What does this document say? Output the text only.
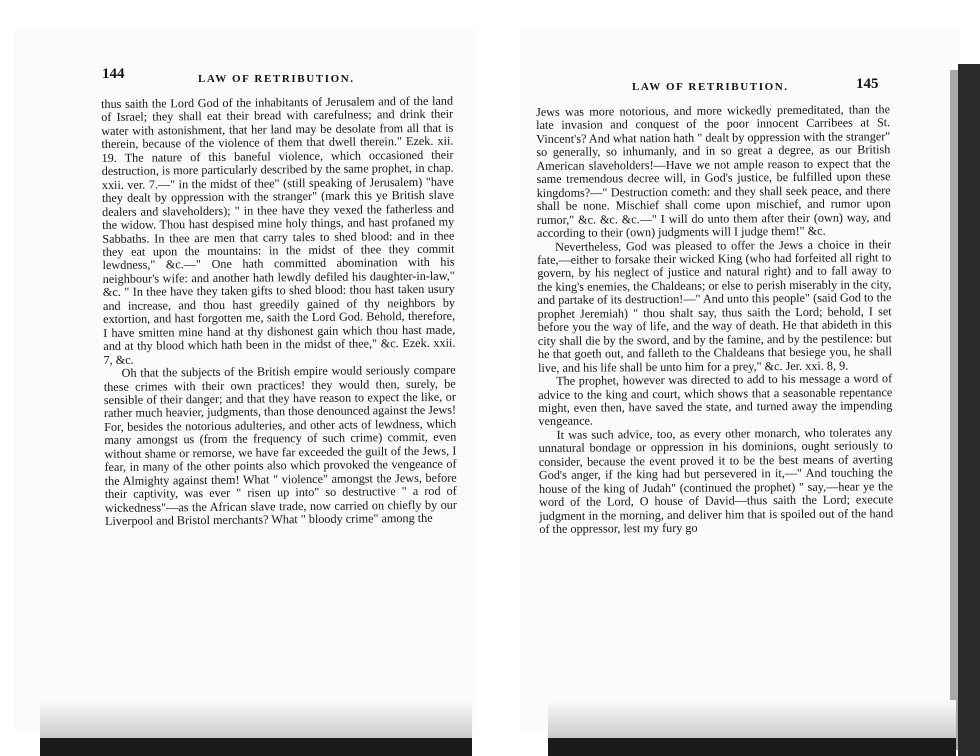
144	LAW OF RETRIBUTION.
LAW OF RETRIBUTION.	145

thus saith the Lord God of the inhabitants of Jerusalem and of the land of Israel; they shall eat their bread with carefulness; and drink their water with astonishment, that her land may be desolate from all that is therein, because of the violence of them that dwell therein." Ezek. xii. 19. The nature of this baneful violence, which occasioned their destruction, is more particularly described by the same prophet, in chap. xxii. ver. 7.—" in the midst of thee" (still speaking of Jerusalem) "have they dealt by oppression with the stranger" (mark this ye British slave dealers and slaveholders); " in thee have they vexed the fatherless and the widow. Thou hast despised mine holy things, and hast profaned my Sabbaths. In thee are men that carry tales to shed blood: and in thee they eat upon the mountains: in the midst of thee they commit lewdness," &c.—" One hath committed abomination with his neighbour's wife: and another hath lewdly defiled his daughter-in-law," &c. " In thee have they taken gifts to shed blood: thou hast taken usury and increase, and thou hast greedily gained of thy neighbors by extortion, and hast forgotten me, saith the Lord God. Behold, therefore, I have smitten mine hand at thy dishonest gain which thou hast made, and at thy blood which hath been in the midst of thee," &c. Ezek. xxii. 7, &c.

Oh that the subjects of the British empire would seriously compare these crimes with their own practices! they would then, surely, be sensible of their danger; and that they have reason to expect the like, or rather much heavier, judgments, than those denounced against the Jews! For, besides the notorious adulteries, and other acts of lewdness, which many amongst us (from the frequency of such crime) commit, even without shame or remorse, we have far exceeded the guilt of the Jews, I fear, in many of the other points also which provoked the vengeance of the Almighty against them! What " violence" amongst the Jews, before their captivity, was ever " risen up into" so destructive " a rod of wickedness"—as the African slave trade, now carried on chiefly by our Liverpool and Bristol merchants? What " bloody crime" among the

Jews was more notorious, and more wickedly premeditated, than the late invasion and conquest of the poor innocent Carribees at St. Vincent's? And what nation hath " dealt by oppression with the stranger" so generally, so inhumanly, and in so great a degree, as our British American slaveholders!—Have we not ample reason to expect that the same tremendous decree will, in God's justice, be fulfilled upon these kingdoms?—" Destruction cometh: and they shall seek peace, and there shall be none. Mischief shall come upon mischief, and rumor upon rumor," &c. &c. &c.—" I will do unto them after their (own) way, and according to their (own) judgments will I judge them!" &c.

Nevertheless, God was pleased to offer the Jews a choice in their fate,—either to forsake their wicked King (who had forfeited all right to govern, by his neglect of justice and natural right) and to fall away to the king's enemies, the Chaldeans; or else to perish miserably in the city, and partake of its destruction!—" And unto this people" (said God to the prophet Jeremiah) " thou shalt say, thus saith the Lord; behold, I set before you the way of life, and the way of death. He that abideth in this city shall die by the sword, and by the famine, and by the pestilence: but he that goeth out, and falleth to the Chaldeans that besiege you, he shall live, and his life shall be unto him for a prey," &c. Jer. xxi. 8, 9.

The prophet, however was directed to add to his message a word of advice to the king and court, which shows that a seasonable repentance might, even then, have saved the state, and turned away the impending vengeance.

It was such advice, too, as every other monarch, who tolerates any unnatural bondage or oppression in his dominions, ought seriously to consider, because the event proved it to be the best means of averting God's anger, if the king had but persevered in it,—" And touching the house of the king of Judah" (continued the prophet) " say,—hear ye the word of the Lord, O house of David—thus saith the Lord; execute judgment in the morning, and deliver him that is spoiled out of the hand of the oppressor, lest my fury go
